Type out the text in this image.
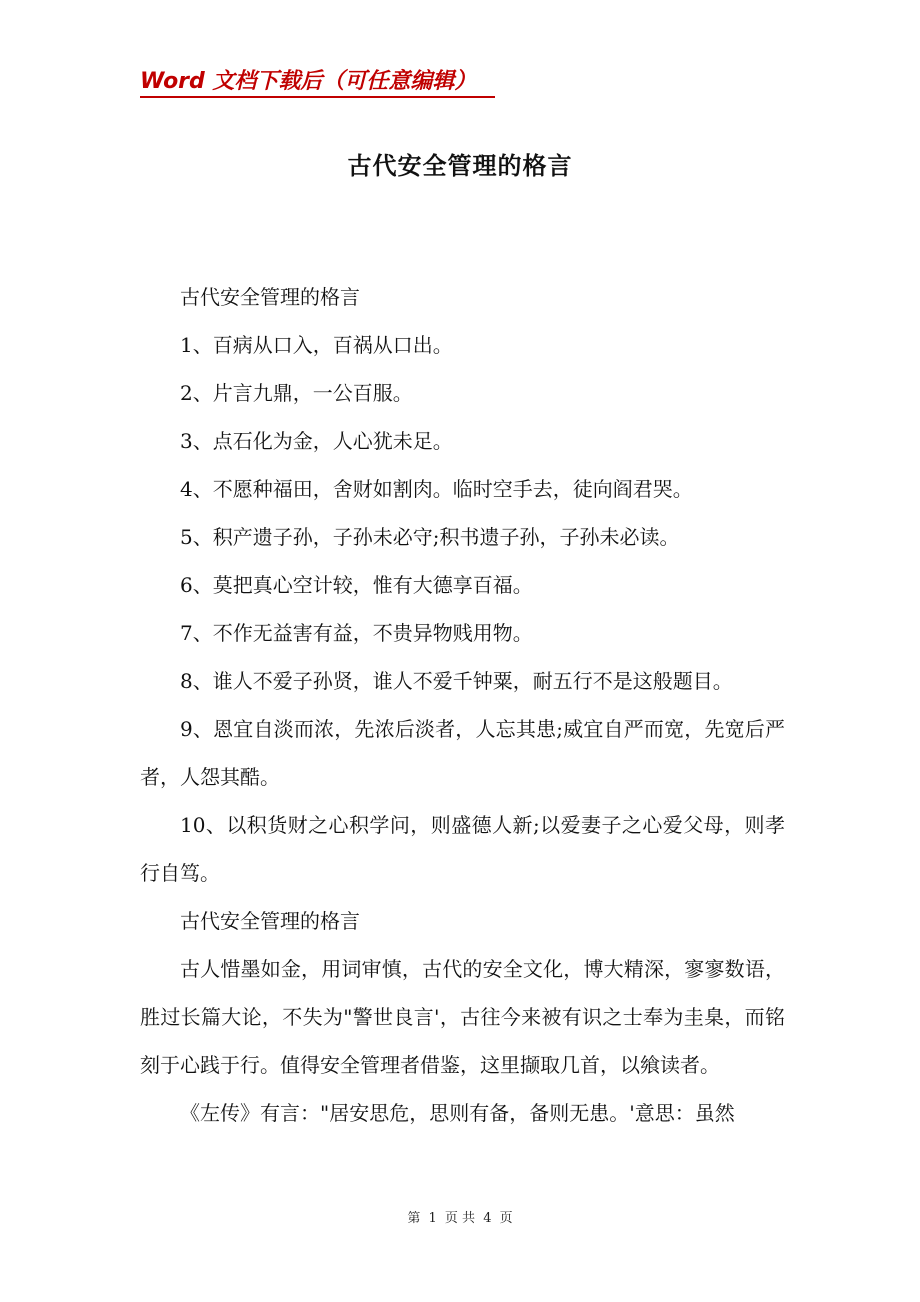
Word 文档下载后（可任意编辑）
古代安全管理的格言

古代安全管理的格言

1、百病从口入，百祸从口出。

2、片言九鼎，一公百服。

3、点石化为金，人心犹未足。

4、不愿种福田，舍财如割肉。临时空手去，徒向阎君哭。

5、积产遗子孙，子孙未必守;积书遗子孙，子孙未必读。

6、莫把真心空计较，惟有大德享百福。

7、不作无益害有益，不贵异物贱用物。

8、谁人不爱子孙贤，谁人不爱千钟粟，耐五行不是这般题目。

9、恩宜自淡而浓，先浓后淡者，人忘其患;威宜自严而宽，先宽后严者，人怨其酷。

10、以积货财之心积学问，则盛德人新;以爱妻子之心爱父母，则孝行自笃。

古代安全管理的格言

古人惜墨如金，用词审慎，古代的安全文化，博大精深，寥寥数语，胜过长篇大论，不失为"警世良言'，古往今来被有识之士奉为圭臬，而铭刻于心践于行。值得安全管理者借鉴，这里撷取几首，以飨读者。

《左传》有言："居安思危，思则有备，备则无患。'意思：虽然

第 1 页 共 4 页
